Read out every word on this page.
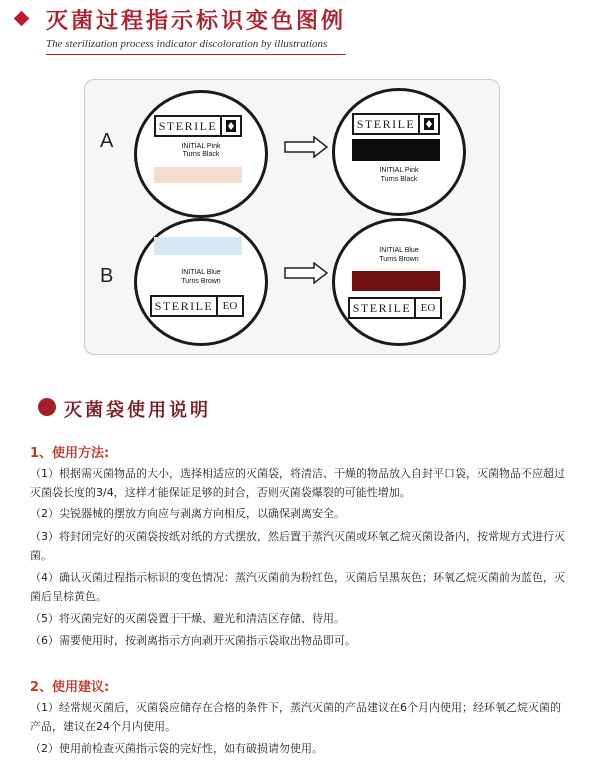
灭菌过程指示标识变色图例
The sterilization process indicator discoloration by illustrations
A
STERILE
INITIAL Pink
Turns Black
STERILE
INITIAL Pink
Turns Black
B	INITIAL Blue
Turns Brown
STERILE EO
INITIAL Blue
Turns Brown
STERILE EO
灭菌袋使用说明
1、使用方法:
（1）根据需灭菌物品的大小，选择相适应的灭菌袋，将清洁、干燥的物品放入自封平口袋，灭菌物品不应超过灭菌袋长度的3/4，这样才能保证足够的封合，否则灭菌袋爆裂的可能性增加。
（2）尖锐器械的摆放方向应与剥离方向相反，以确保剥离安全。
（3）将封闭完好的灭菌袋按纸对纸的方式摆放，然后置于蒸汽灭菌或环氧乙烷灭菌设备内，按常规方式进行灭菌。
（4）确认灭菌过程指示标识的变色情况：蒸汽灭菌前为粉红色，灭菌后呈黑灰色；环氧乙烷灭菌前为蓝色，灭菌后呈棕黄色。
（5）将灭菌完好的灭菌袋置于干燥、避光和清洁区存储、待用。
（6）需要使用时，按剥离指示方向剥开灭菌指示袋取出物品即可。
2、使用建议:
（1）经常规灭菌后，灭菌袋应储存在合格的条件下，蒸汽灭菌的产品建议在6个月内使用；经环氧乙烷灭菌的产品，建议在24个月内使用。
（2）使用前检查灭菌指示袋的完好性，如有破损请勿使用。
